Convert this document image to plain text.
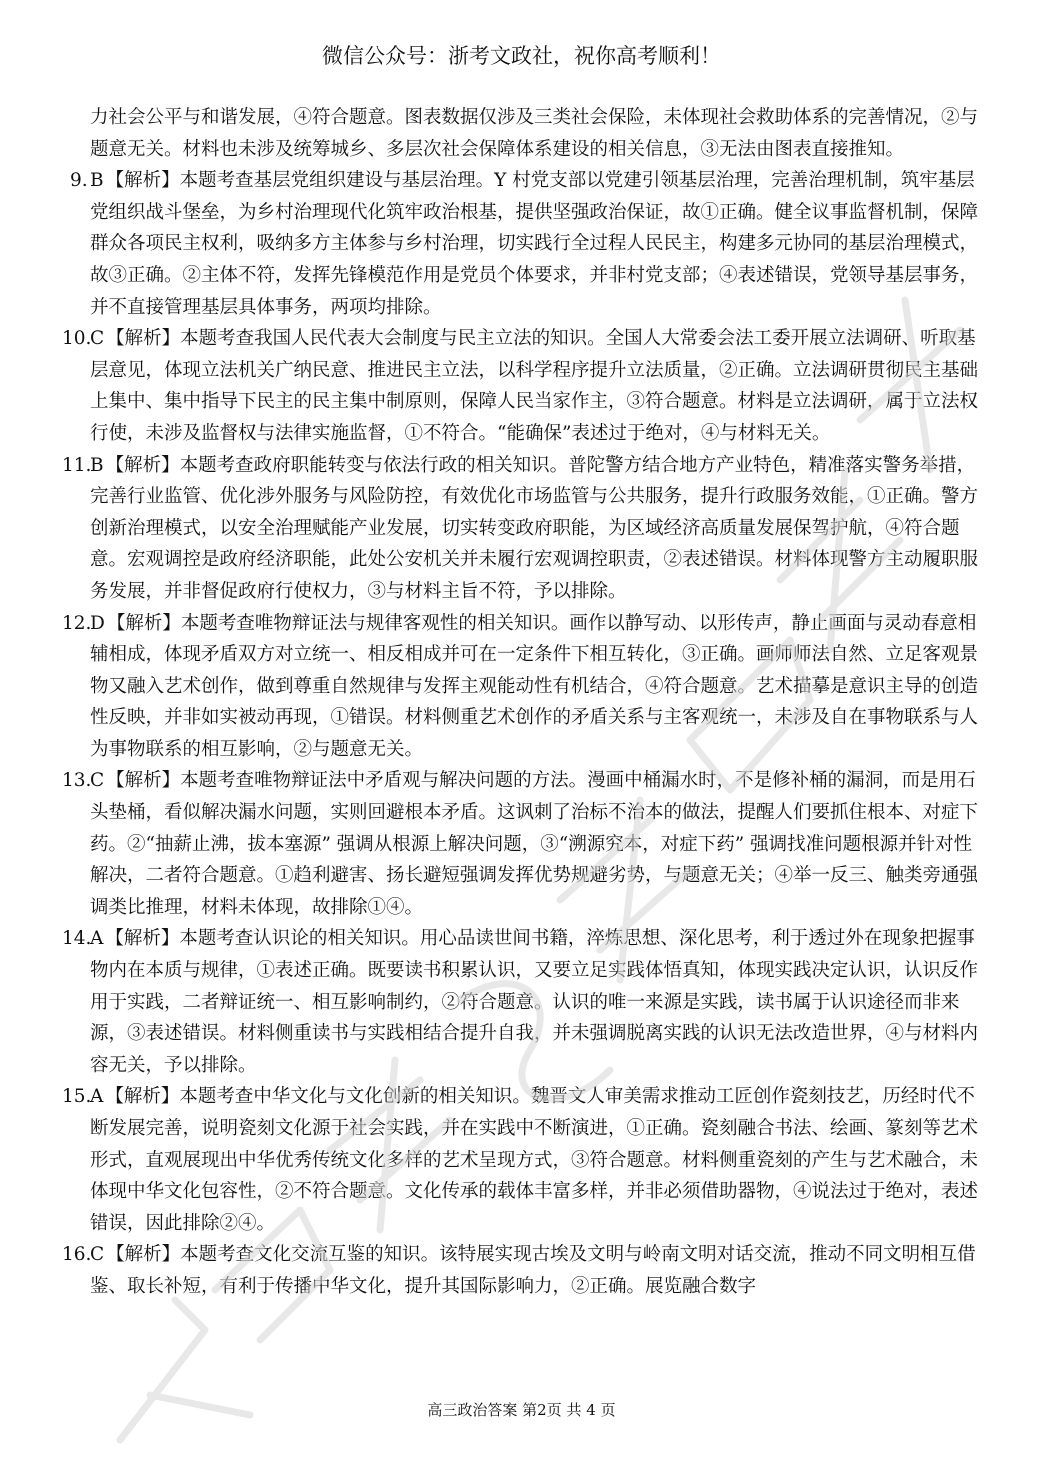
微信公众号：浙考文政社，祝你高考顺利！

力社会公平与和谐发展，④符合题意。图表数据仅涉及三类社会保险，未体现社会救助体系的完善情况，②与题意无关。材料也未涉及统筹城乡、多层次社会保障体系建设的相关信息，③无法由图表直接推知。

9. B 【解析】本题考查基层党组织建设与基层治理。Y 村党支部以党建引领基层治理，完善治理机制，筑牢基层党组织战斗堡垒，为乡村治理现代化筑牢政治根基，提供坚强政治保证，故①正确。健全议事监督机制，保障群众各项民主权利，吸纳多方主体参与乡村治理，切实践行全过程人民民主，构建多元协同的基层治理模式，故③正确。②主体不符，发挥先锋模范作用是党员个体要求，并非村党支部；④表述错误，党领导基层事务，并不直接管理基层具体事务，两项均排除。

10.
C 【解析】本题考查我国人民代表大会制度与民主立法的知识。全国人大常委会法工委开展立法调研、听取基层意见，体现立法机关广纳民意、推进民主立法，以科学程序提升立法质量，②正确。立法调研贯彻民主基础上集中、集中指导下民主的民主集中制原则，保障人民当家作主，③符合题意。材料是立法调研，属于立法权行使，未涉及监督权与法律实施监督，①不符合。“能确保”表述过于绝对，④与材料无关。

11.
B 【解析】本题考查政府职能转变与依法行政的相关知识。普陀警方结合地方产业特色，精准落实警务举措，完善行业监管、优化涉外服务与风险防控，有效优化市场监管与公共服务，提升行政服务效能，①正确。警方创新治理模式，以安全治理赋能产业发展，切实转变政府职能，为区域经济高质量发展保驾护航，④符合题意。宏观调控是政府经济职能，此处公安机关并未履行宏观调控职责，②表述错误。材料体现警方主动履职服务发展，并非督促政府行使权力，③与材料主旨不符，予以排除。

12.
D 【解析】本题考查唯物辩证法与规律客观性的相关知识。画作以静写动、以形传声，静止画面与灵动春意相辅相成，体现矛盾双方对立统一、相反相成并可在一定条件下相互转化，③正确。画师师法自然、立足客观景物又融入艺术创作，做到尊重自然规律与发挥主观能动性有机结合，④符合题意。艺术描摹是意识主导的创造性反映，并非如实被动再现，①错误。材料侧重艺术创作的矛盾关系与主客观统一，未涉及自在事物联系与人为事物联系的相互影响，②与题意无关。

13.
C 【解析】本题考查唯物辩证法中矛盾观与解决问题的方法。漫画中桶漏水时，不是修补桶的漏洞，而是用石头垫桶，看似解决漏水问题，实则回避根本矛盾。这讽刺了治标不治本的做法，提醒人们要抓住根本、对症下药。②“抽薪止沸，拔本塞源” 强调从根源上解决问题，③“溯源究本，对症下药” 强调找准问题根源并针对性解决，二者符合题意。①趋利避害、扬长避短强调发挥优势规避劣势，与题意无关；④举一反三、触类旁通强调类比推理，材料未体现，故排除①④。

14.
A 【解析】本题考查认识论的相关知识。用心品读世间书籍，淬炼思想、深化思考，利于透过外在现象把握事物内在本质与规律，①表述正确。既要读书积累认识，又要立足实践体悟真知，体现实践决定认识，认识反作用于实践，二者辩证统一、相互影响制约，②符合题意。认识的唯一来源是实践，读书属于认识途径而非来源，③表述错误。材料侧重读书与实践相结合提升自我，并未强调脱离实践的认识无法改造世界，④与材料内容无关，予以排除。

15.
A 【解析】本题考查中华文化与文化创新的相关知识。魏晋文人审美需求推动工匠创作瓷刻技艺，历经时代不断发展完善，说明瓷刻文化源于社会实践，并在实践中不断演进，①正确。瓷刻融合书法、绘画、篆刻等艺术形式，直观展现出中华优秀传统文化多样的艺术呈现方式，③符合题意。材料侧重瓷刻的产生与艺术融合，未体现中华文化包容性，②不符合题意。文化传承的载体丰富多样，并非必须借助器物，④说法过于绝对，表述错误，因此排除②④。

16.
C 【解析】本题考查文化交流互鉴的知识。该特展实现古埃及文明与岭南文明对话交流，推动不同文明相互借鉴、取长补短，有利于传播中华文化，提升其国际影响力，②正确。展览融合数字

高三政治答案 第2页 共 4 页
